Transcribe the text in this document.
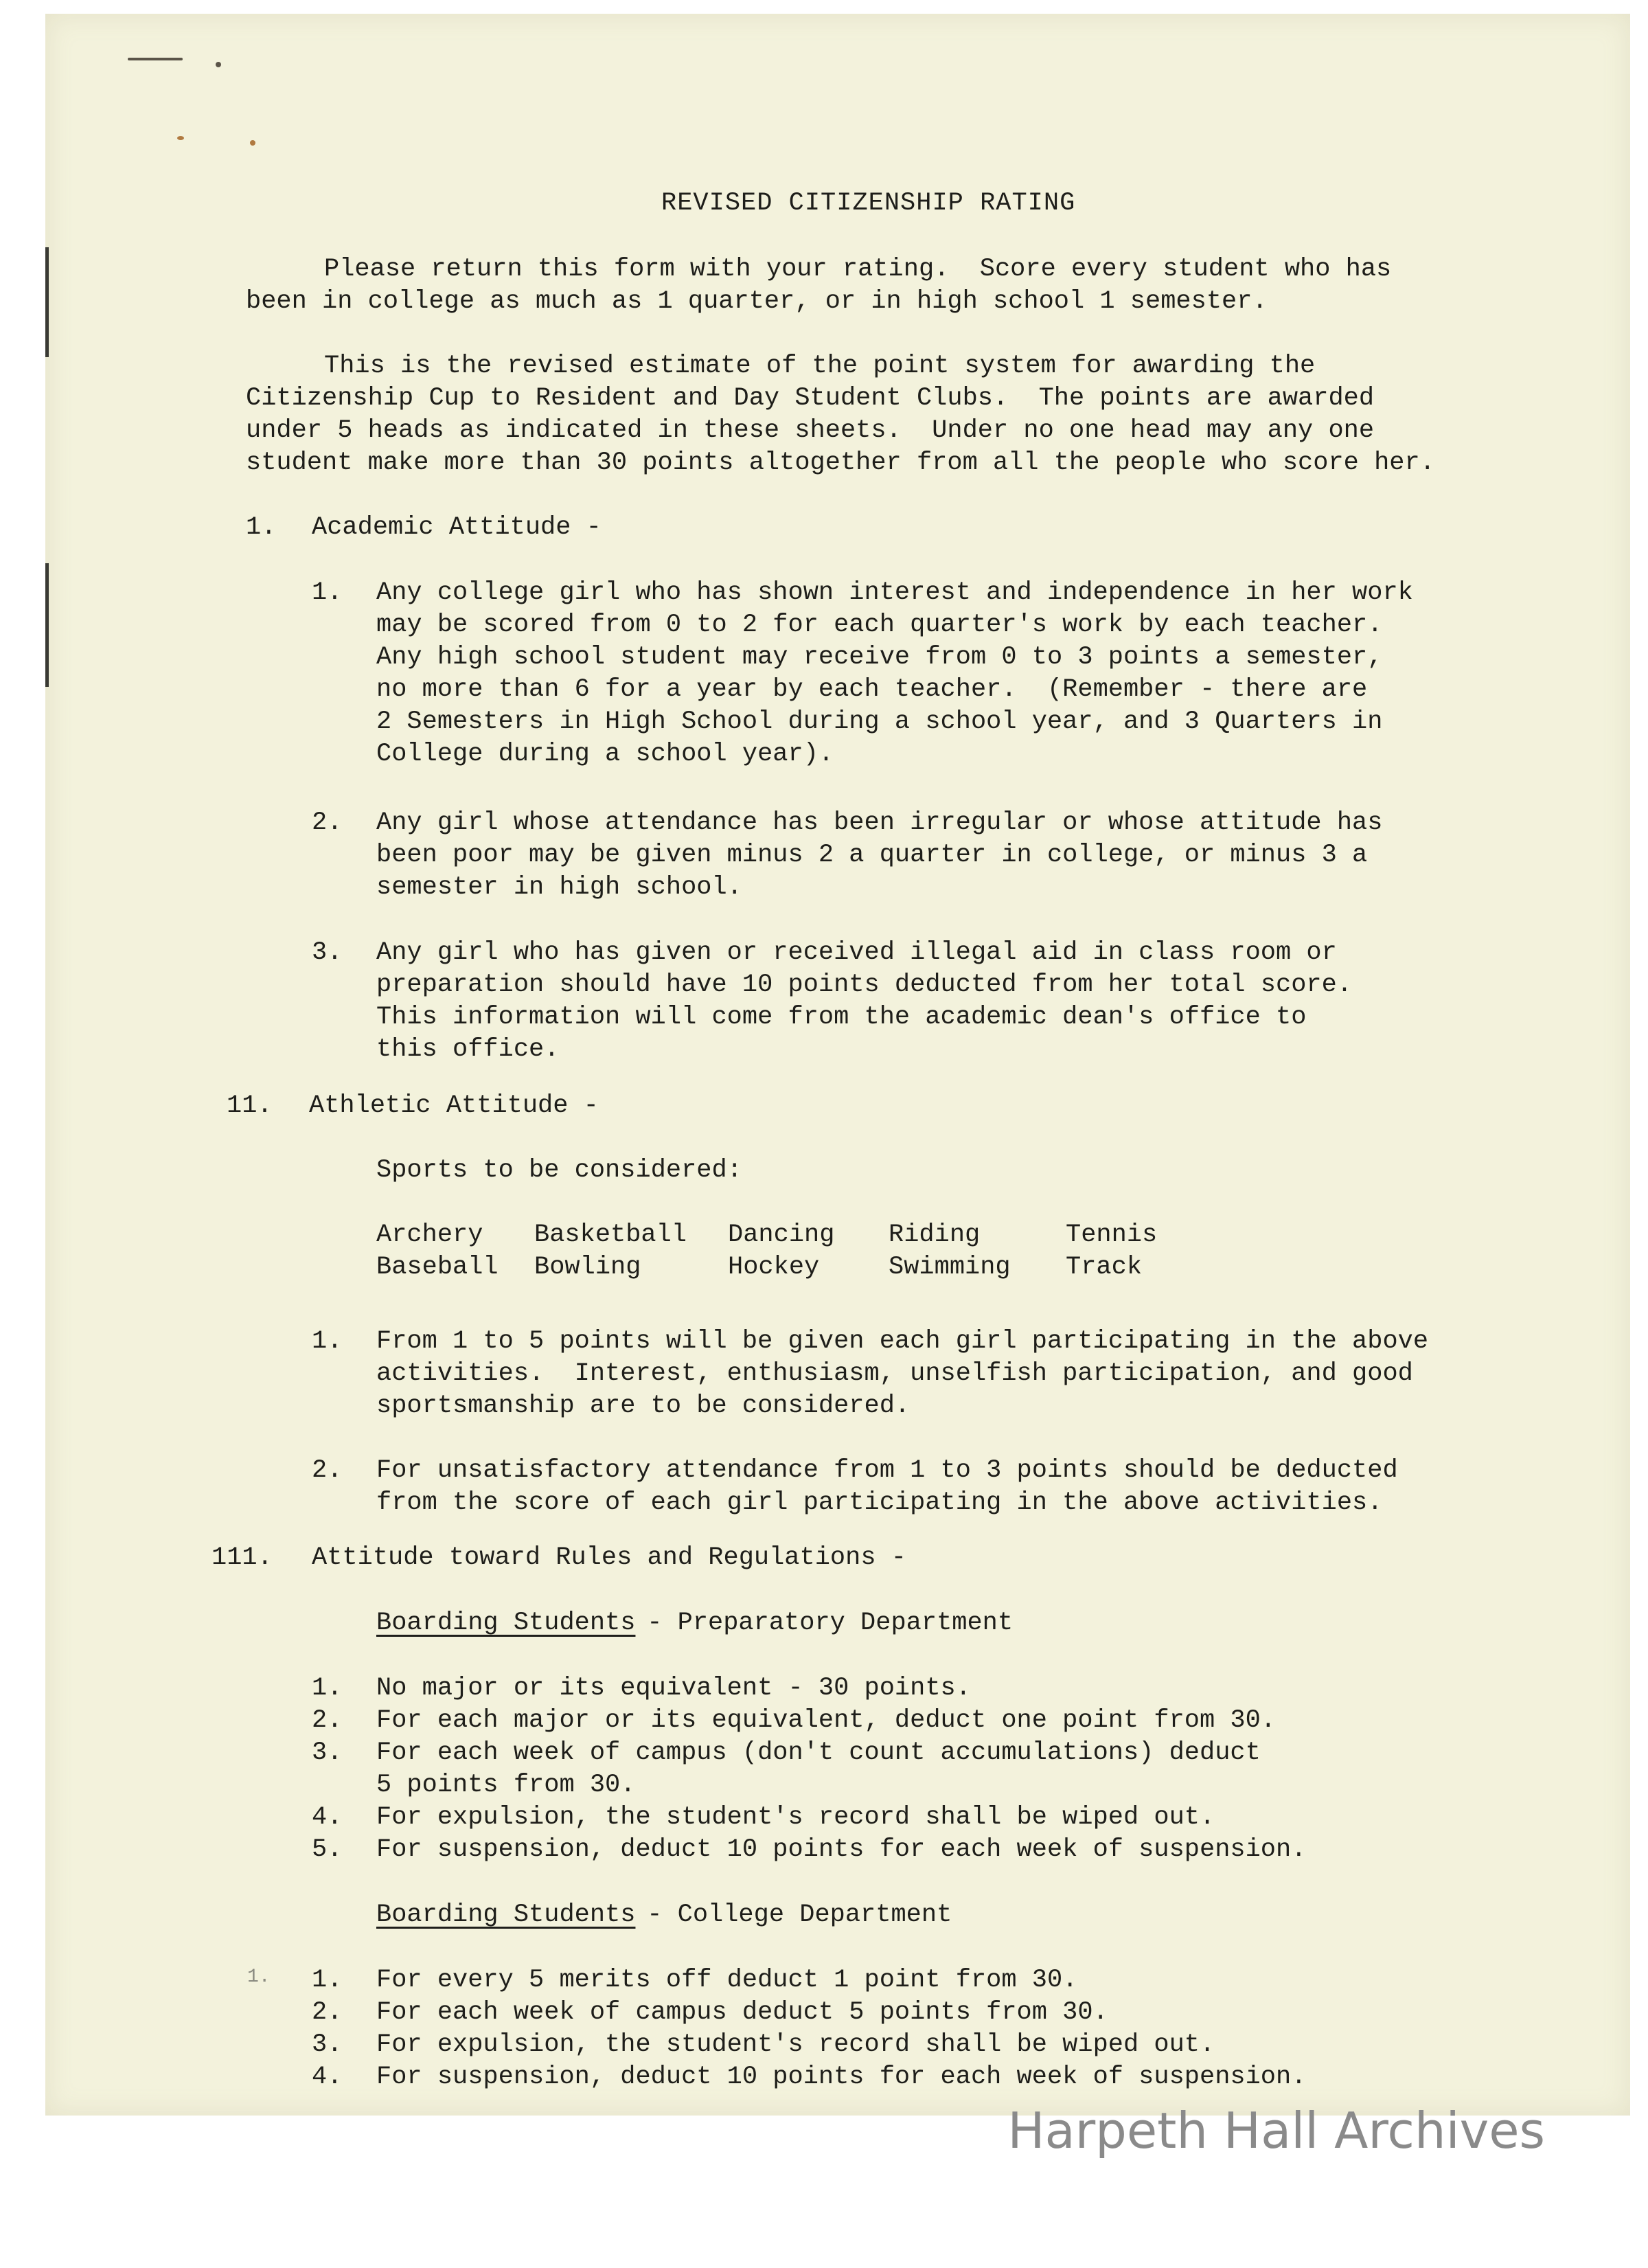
REVISED CITIZENSHIP RATING
Please return this form with your rating.  Score every student who has
been in college as much as 1 quarter, or in high school 1 semester.
This is the revised estimate of the point system for awarding the
Citizenship Cup to Resident and Day Student Clubs.  The points are awarded
under 5 heads as indicated in these sheets.  Under no one head may any one
student make more than 30 points altogether from all the people who score her.
1. Academic Attitude -
1. Any college girl who has shown interest and independence in her work
may be scored from 0 to 2 for each quarter's work by each teacher.
Any high school student may receive from 0 to 3 points a semester,
no more than 6 for a year by each teacher.  (Remember - there are
2 Semesters in High School during a school year, and 3 Quarters in
College during a school year).
2. Any girl whose attendance has been irregular or whose attitude has
been poor may be given minus 2 a quarter in college, or minus 3 a
semester in high school.
3. Any girl who has given or received illegal aid in class room or
preparation should have 10 points deducted from her total score.
This information will come from the academic dean's office to
this office.
11. Athletic Attitude -
Sports to be considered:
Archery	Basketball	Dancing	Riding	Tennis
Baseball	Bowling	Hockey	Swimming	Track
1. From 1 to 5 points will be given each girl participating in the above
activities.  Interest, enthusiasm, unselfish participation, and good
sportsmanship are to be considered.
2. For unsatisfactory attendance from 1 to 3 points should be deducted
from the score of each girl participating in the above activities.
111. Attitude toward Rules and Regulations -
Boarding Students
- Preparatory Department
1. No major or its equivalent - 30 points.
2. For each major or its equivalent, deduct one point from 30.
3. For each week of campus (don't count accumulations) deduct
5 points from 30.
4. For expulsion, the student's record shall be wiped out.
5. For suspension, deduct 10 points for each week of suspension.
Boarding Students
- College Department
1. 1. For every 5 merits off deduct 1 point from 30.
2. For each week of campus deduct 5 points from 30.
3. For expulsion, the student's record shall be wiped out.
4. For suspension, deduct 10 points for each week of suspension.
Harpeth Hall Archives
